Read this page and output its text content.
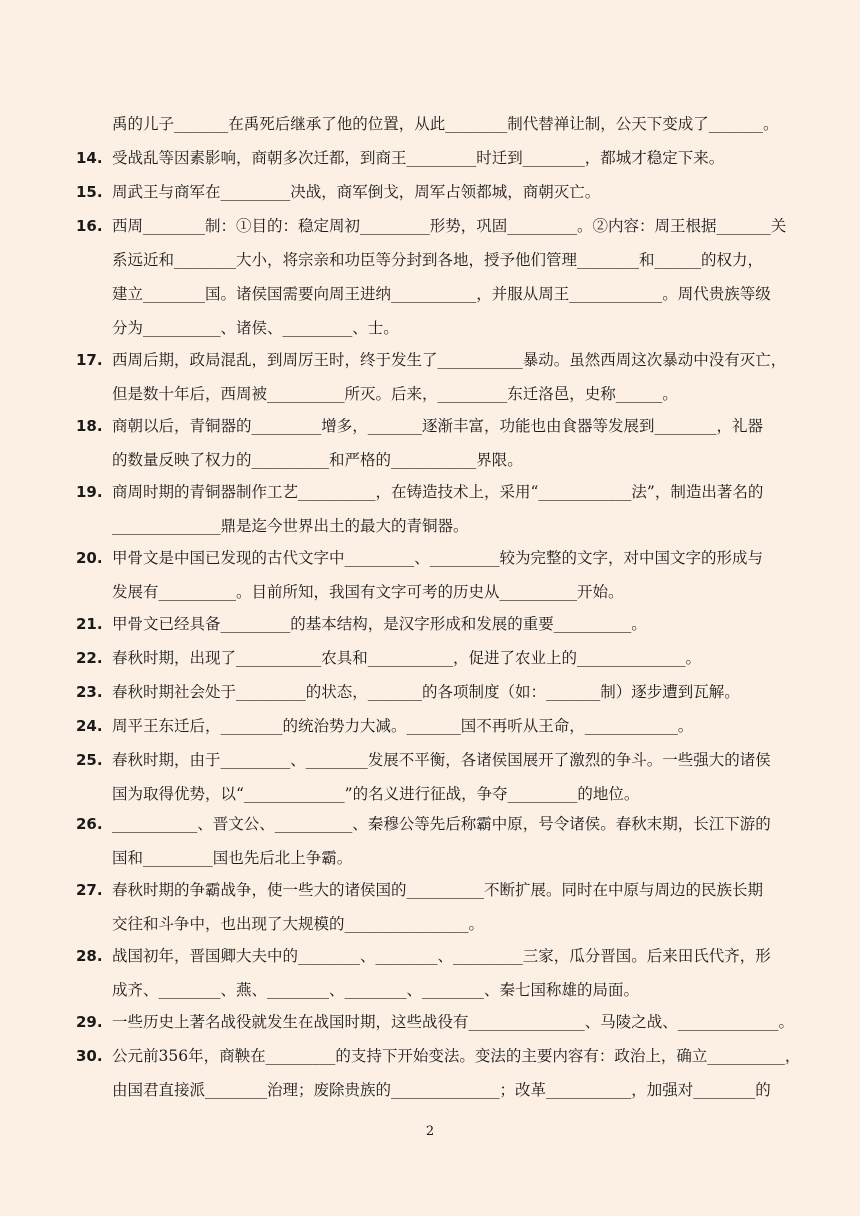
禹的儿子_______在禹死后继承了他的位置，从此________制代替禅让制，公天下变成了_______。
14. 受战乱等因素影响，商朝多次迁都，到商王_________时迁到________，都城才稳定下来。
15. 周武王与商军在_________决战，商军倒戈，周军占领都城，商朝灭亡。
16. 西周________制：①目的：稳定周初_________形势，巩固_________。②内容：周王根据_______关
系远近和________大小，将宗亲和功臣等分封到各地，授予他们管理________和______的权力，
建立________国。诸侯国需要向周王进纳___________，并服从周王____________。周代贵族等级
分为__________、诸侯、_________、士。
17. 西周后期，政局混乱，到周厉王时，终于发生了___________暴动。虽然西周这次暴动中没有灭亡，
但是数十年后，西周被__________所灭。后来，_________东迁洛邑，史称______。
18. 商朝以后，青铜器的_________增多，_______逐渐丰富，功能也由食器等发展到________，礼器
的数量反映了权力的__________和严格的___________界限。
19. 商周时期的青铜器制作工艺__________，在铸造技术上，采用“____________法”，制造出著名的
______________鼎是迄今世界出土的最大的青铜器。
20. 甲骨文是中国已发现的古代文字中_________、_________较为完整的文字，对中国文字的形成与
发展有__________。目前所知，我国有文字可考的历史从__________开始。
21. 甲骨文已经具备_________的基本结构，是汉字形成和发展的重要__________。
22. 春秋时期，出现了___________农具和___________，促进了农业上的______________。
23. 春秋时期社会处于_________的状态，_______的各项制度（如：_______制）逐步遭到瓦解。
24. 周平王东迁后，________的统治势力大减。_______国不再听从王命，____________。
25. 春秋时期，由于_________、________发展不平衡，各诸侯国展开了激烈的争斗。一些强大的诸侯
国为取得优势，以“_____________”的名义进行征战，争夺_________的地位。
26. ___________、晋文公、__________、秦穆公等先后称霸中原，号令诸侯。春秋末期，长江下游的
国和_________国也先后北上争霸。
27. 春秋时期的争霸战争，使一些大的诸侯国的__________不断扩展。同时在中原与周边的民族长期
交往和斗争中，也出现了大规模的________________。
28. 战国初年，晋国卿大夫中的________、________、_________三家，瓜分晋国。后来田氏代齐，形
成齐、________、燕、________、________、________、秦七国称雄的局面。
29. 一些历史上著名战役就发生在战国时期，这些战役有_______________、马陵之战、_____________。
30. 公元前356年，商鞅在_________的支持下开始变法。变法的主要内容有：政治上，确立__________，
由国君直接派________治理；废除贵族的______________；改革___________，加强对________的
2
